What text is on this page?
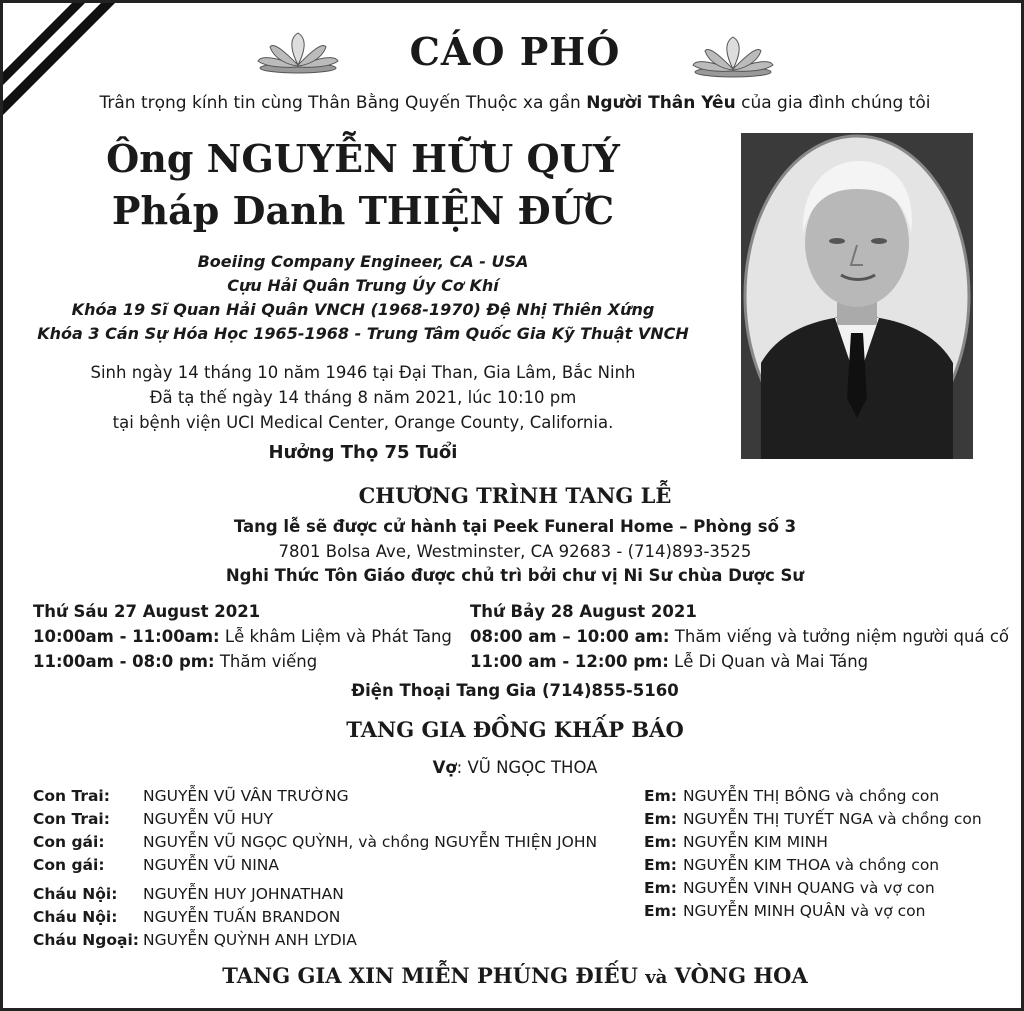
CÁO PHÓ
Trân trọng kính tin cùng Thân Bằng Quyến Thuộc xa gần Người Thân Yêu của gia đình chúng tôi
Ông NGUYỄN HỮU QUÝ
Pháp Danh THIỆN ĐỨC
Boeiing Company Engineer, CA - USA
Cựu Hải Quân Trung Úy Cơ Khí
Khóa 19 Sĩ Quan Hải Quân VNCH (1968-1970) Đệ Nhị Thiên Xứng
Khóa 3 Cán Sự Hóa Học 1965-1968 - Trung Tâm Quốc Gia Kỹ Thuật VNCH
Sinh ngày 14 tháng 10 năm 1946 tại Đại Than, Gia Lâm, Bắc Ninh
Đã tạ thế ngày 14 tháng 8 năm 2021, lúc 10:10 pm
tại bệnh viện UCI Medical Center, Orange County, California.
Hưởng Thọ 75 Tuổi
CHƯƠNG TRÌNH TANG LỄ
Tang lễ sẽ được cử hành tại Peek Funeral Home – Phòng số 3
7801 Bolsa Ave, Westminster, CA 92683 - (714)893-3525
Nghi Thức Tôn Giáo được chủ trì bởi chư vị Ni Sư chùa Dược Sư
Thứ Sáu 27 August 2021
10:00am - 11:00am: Lễ khâm Liệm và Phát Tang
11:00am - 08:0 pm: Thăm viếng
Thứ Bảy 28 August 2021
08:00 am – 10:00 am: Thăm viếng và tưởng niệm người quá cố
11:00 am - 12:00 pm: Lễ Di Quan và Mai Táng
Điện Thoại Tang Gia (714)855-5160
TANG GIA ĐỒNG KHẤP BÁO
Vợ: VŨ NGỌC THOA
Con Trai: NGUYỄN VŨ VÂN TRƯỜNG
Con Trai: NGUYỄN VŨ HUY
Con gái: NGUYỄN VŨ NGỌC QUỲNH, và chồng NGUYỄN THIỆN JOHN
Con gái: NGUYỄN VŨ NINA
Cháu Nội: NGUYỄN HUY JOHNATHAN
Cháu Nội: NGUYỄN TUẤN BRANDON
Cháu Ngoại: NGUYỄN QUỲNH ANH LYDIA
Em: NGUYỄN THỊ BÔNG và chồng con
Em: NGUYỄN THỊ TUYẾT NGA và chồng con
Em: NGUYỄN KIM MINH
Em: NGUYỄN KIM THOA và chồng con
Em: NGUYỄN VINH QUANG và vợ con
Em: NGUYỄN MINH QUÂN và vợ con
TANG GIA XIN MIỄN PHÚNG ĐIẾU và VÒNG HOA
